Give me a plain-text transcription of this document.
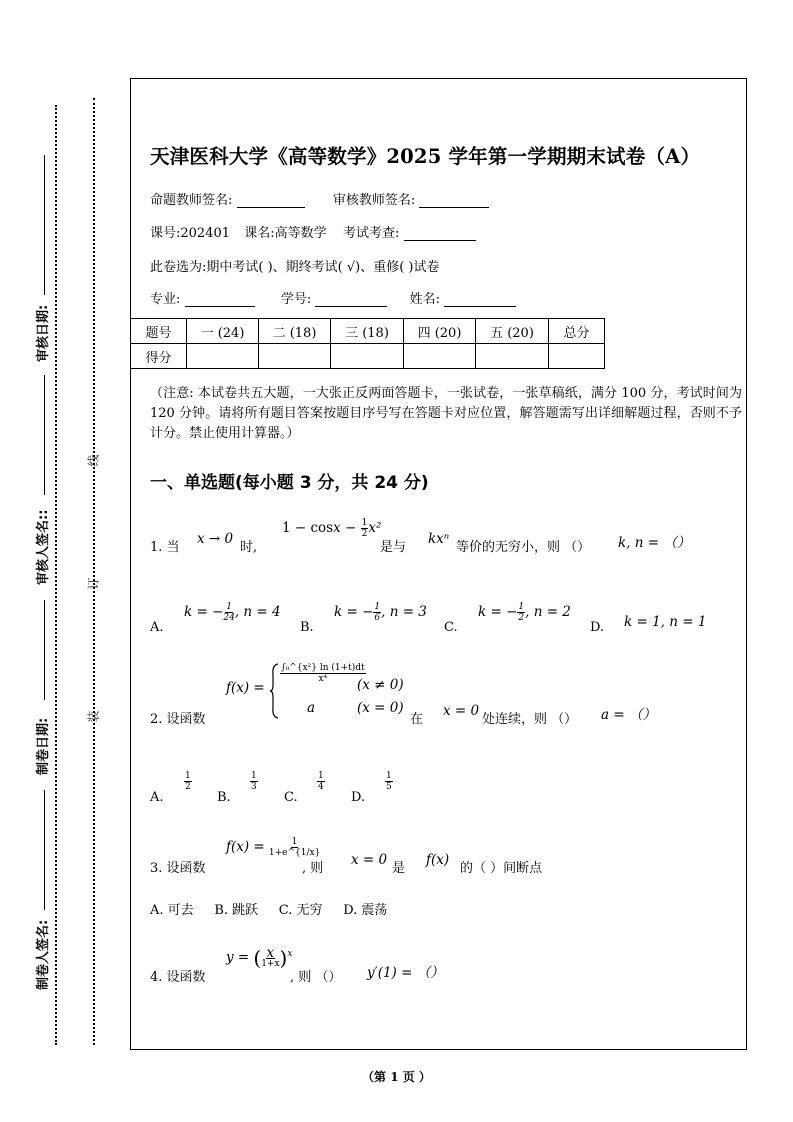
审核日期:
审核人签名::
制卷日期:
制卷人签名:
线
订
装
天津医科大学《高等数学》2025 学年第一学期期末试卷（A）
命题教师签名:	审核教师签名:
课号:202401 课名:高等数学 考试考查:
此卷选为:期中考试( )、期终考试( √)、重修( )试卷
专业:	学号:	姓名:
题号	一 (24)	二 (18)	三 (18)	四 (20)	五 (20)	总分
得分						
（注意: 本试卷共五大题，一大张正反两面答题卡，一张试卷，一张草稿纸，满分 100 分，考试时间为 120 分钟。请将所有题目答案按题目序号写在答题卡对应位置，解答题需写出详细解题过程，否则不予计分。禁止使用计算器。）
一、单选题(每小题 3 分，共 24 分)
1. 当
x → 0
时,
$1 - \cos x - \frac{1}{2} x^2$
是与
kxⁿ
等价的无穷小，则 （） k, n = （）
A.
k = − $\frac{1}{24}$ , n = 4
B.
k = − $\frac{1}{6}$ , n = 3
C.
k = − $\frac{1}{2}$ , n = 2
D. k = 1, n = 1
2. 设函数
f(x) =
$\frac{\text{∫₀\textasciicircum{}\{x²\} ln (1+t)dt}}{\text{x⁴}}$
(x ≠ 0)
a	(x = 0)
在
x = 0
处连续，则 （） a = （）
A.
$\frac{1}{2}$
B.
$\frac{1}{3}$
C.
$\frac{1}{4}$
D.
$\frac{1}{5}$
3. 设函数
$f(x) = \frac{1}{1+e\^{}\{1/x\}}$
, 则
x = 0
是
f(x)
的（ ）间断点
A. 可去     B. 跳跃     C. 无穷     D. 震荡
4. 设函数
y = ( $\frac{x}{1+x} )^x$
, 则 （） y′(1) = （）
（第 1 页 ）
